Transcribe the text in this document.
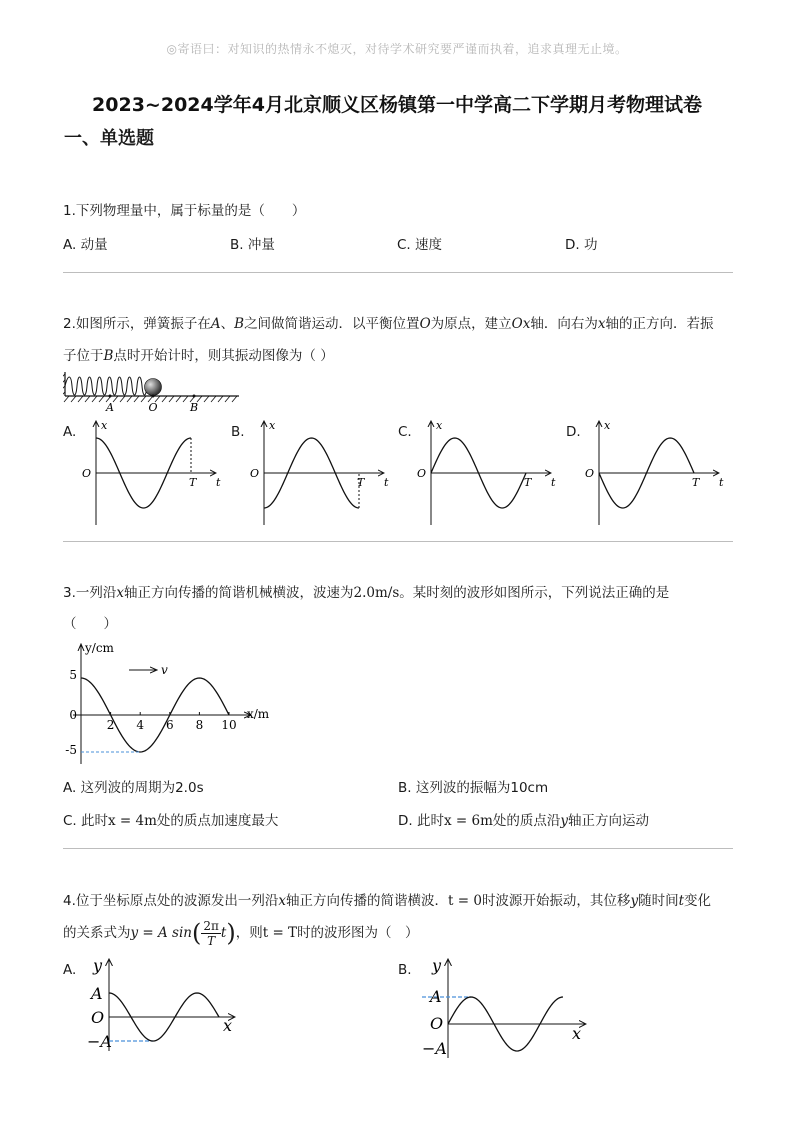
◎寄语曰：对知识的热情永不熄灭，对待学术研究要严谨而执着，追求真理无止境。
2023~2024学年4月北京顺义区杨镇第一中学高二下学期月考物理试卷
一、单选题
1.下列物理量中，属于标量的是（　　）
A. 动量	B. 冲量	C. 速度	D. 功
2.如图所示，弹簧振子在A、B之间做简谐运动．以平衡位置O为原点，建立Ox轴．向右为x轴的正方向．若振
子位于B点时开始计时，则其振动图像为（ ）
A	O	B
A.	B.	C.	D.
x
O
T t
x
O
T t
x
O
T t
x
O
T t
3.一列沿x轴正方向传播的简谐机械横波，波速为2.0m/s。某时刻的波形如图所示，下列说法正确的是
（　　）
y/cm
x/m
v
5
0
-5
2 4 6 8 10
A. 这列波的周期为2.0s	B. 这列波的振幅为10cm
C. 此时x = 4m处的质点加速度最大	D. 此时x = 6m处的质点沿y轴正方向运动
4.位于坐标原点处的波源发出一列沿x轴正方向传播的简谐横波．t = 0时波源开始振动，其位移y随时间t变化
的关系式为y = A $\sin( \frac{2\pi}{T} t)$，则t = T时的波形图为（　）
A.	B.
y
A
O
−A
x
y
A
O
−A
x
